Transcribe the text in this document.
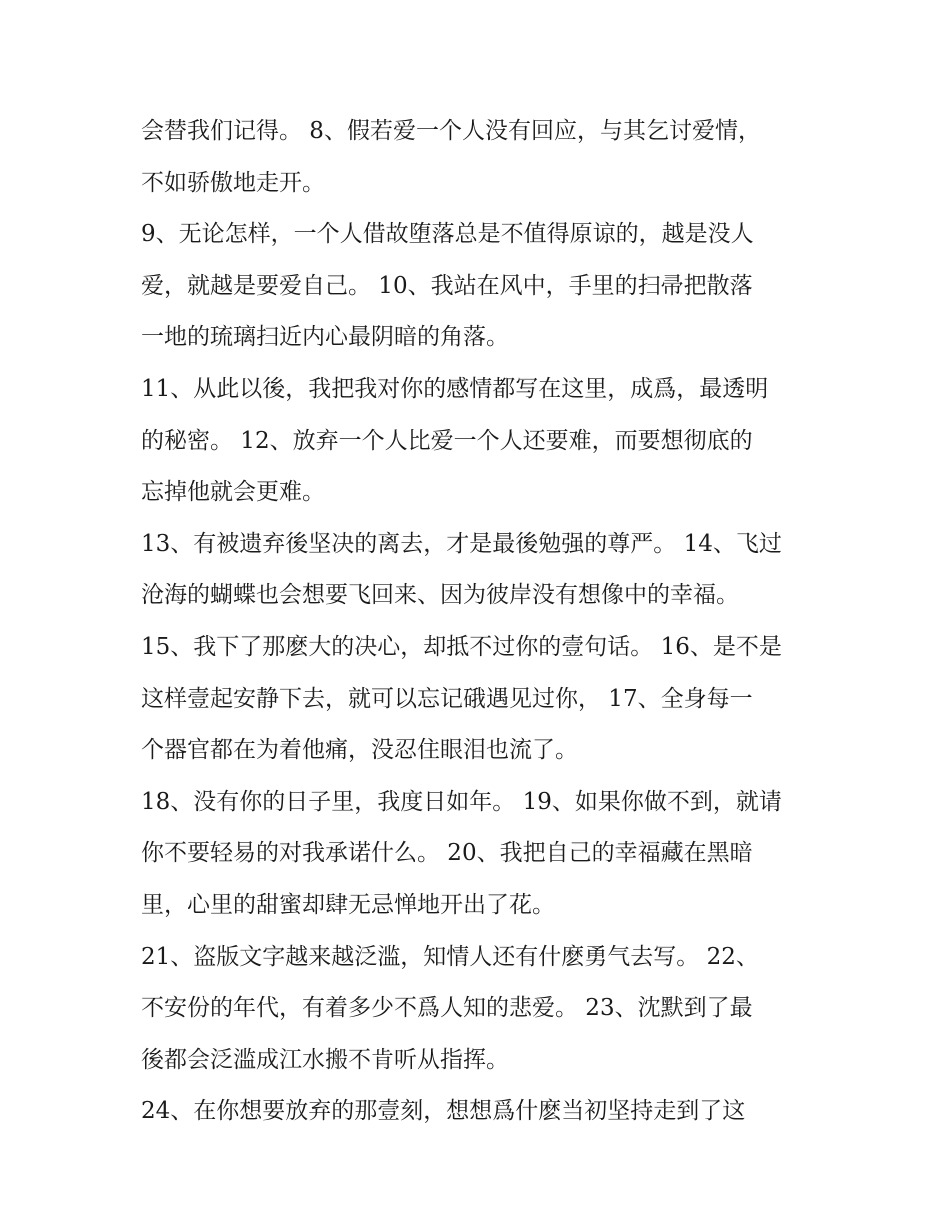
会替我们记得。 8、假若爱一个人没有回应，与其乞讨爱情，
不如骄傲地走开。
9、无论怎样，一个人借故堕落总是不值得原谅的，越是没人
爱，就越是要爱自己。 10、我站在风中，手里的扫帚把散落
一地的琉璃扫近内心最阴暗的角落。
11、从此以後，我把我对你的感情都写在这里，成爲，最透明
的秘密。 12、放弃一个人比爱一个人还要难，而要想彻底的
忘掉他就会更难。
13、有被遗弃後坚决的离去，才是最後勉强的尊严。 14、飞过
沧海的蝴蝶也会想要飞回来、因为彼岸没有想像中的幸福。
15、我下了那麽大的决心，却抵不过你的壹句话。 16、是不是
这样壹起安静下去，就可以忘记硪遇见过你， 17、全身每一
个器官都在为着他痛，没忍住眼泪也流了。
18、没有你的日子里，我度日如年。 19、如果你做不到，就请
你不要轻易的对我承诺什么。 20、我把自己的幸福藏在黑暗
里，心里的甜蜜却肆无忌惮地开出了花。
21、盗版文字越来越泛滥，知情人还有什麽勇气去写。 22、
不安份的年代，有着多少不爲人知的悲爱。 23、沈默到了最
後都会泛滥成江水搬不肯听从指挥。
24、在你想要放弃的那壹刻，想想爲什麽当初坚持走到了这
